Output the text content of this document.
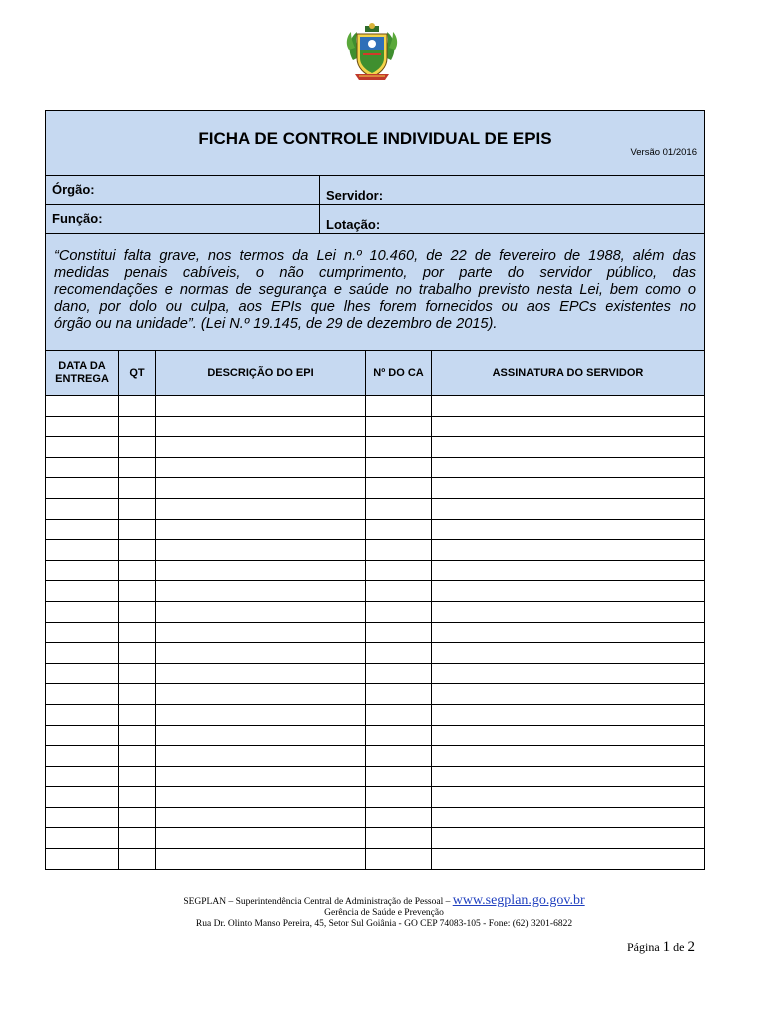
FICHA DE CONTROLE INDIVIDUAL DE EPIS
Versão 01/2016	

Órgão:	Servidor:

Função:	Lotação:

“Constitui falta grave, nos termos da Lei n.º 10.460, de 22 de fevereiro de 1988, além das

medidas penais cabíveis, o não cumprimento, por parte do servidor público, das

recomendações e normas de segurança e saúde no trabalho previsto nesta Lei, bem como o

dano, por dolo ou culpa, aos EPIs que lhes forem fornecidos ou aos EPCs existentes no

órgão ou na unidade”. (Lei N.º 19.145, de 29 de dezembro de 2015).	

DATA DA ENTREGA	QT	DESCRIÇÃO DO EPI	Nº DO CA	ASSINATURA DO SERVIDOR

SEGPLAN – Superintendência Central de Administração de Pessoal – www.segplan.go.gov.br
Gerência de Saúde e Prevenção
Rua Dr. Olinto Manso Pereira, 45, Setor Sul Goiânia - GO CEP 74083-105 - Fone: (62) 3201-6822
Página 1 de 2
